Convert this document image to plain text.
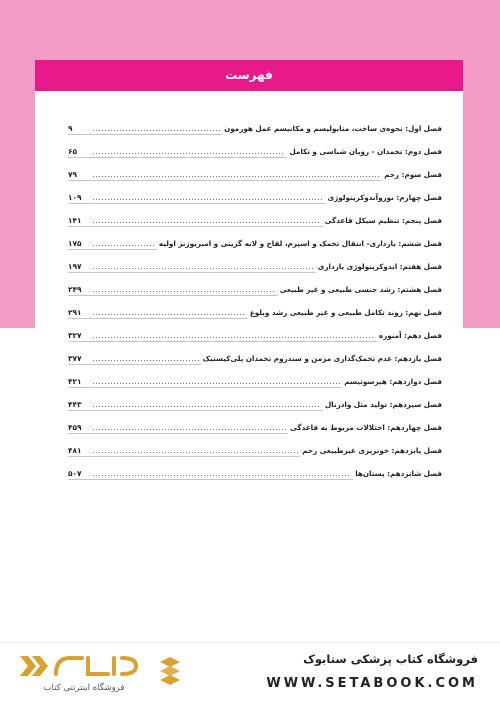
فهرست
فصل اول: نحوه‌ی ساخت، متابولیسم و مکانیسم عمل هورمون
۹
فصل دوم: تخمدان - رویان شناسی و تکامل
۶۵
فصل سوم: رحم
۷۹
فصل چهارم: نوروآندوکرینولوژی
۱۰۹
فصل پنجم: تنظیم سیکل قاعدگی
۱۴۱
فصل ششم: بارداری- انتقال تخمک و اسپرم، لقاح و لانه گزینی و امبریوژنز اولیه
۱۷۵
فصل هفتم: اندوکرینولوژی بارداری
۱۹۷
فصل هشتم: رشد جنسی طبیعی و غیر طبیعی
۲۴۹
فصل نهم: روند تکامل طبیعی و غیر طبیعی رشد وبلوغ
۲۹۱
فصل دهم: آمنوره
۳۲۷
فصل یازدهم: عدم تخمک‌گذاری مزمن و سندروم تخمدان پلی‌کیستیک
۳۷۷
فصل دوازدهم: هیرسوتیسم
۴۲۱
فصل سیزدهم: تولید مثل وادرنال
۴۴۳
فصل چهاردهم: اختلالات مربوط به قاعدگی
۴۵۹
فصل پانزدهم: خونریزی غیرطبیعی رحم
۴۸۱
فصل شانزدهم: پستان‌ها
۵۰۷
فروشگاه اینترنتی کتاب
فروشگاه کتاب پزشکی ستابوک
WWW.SETABOOK.COM
